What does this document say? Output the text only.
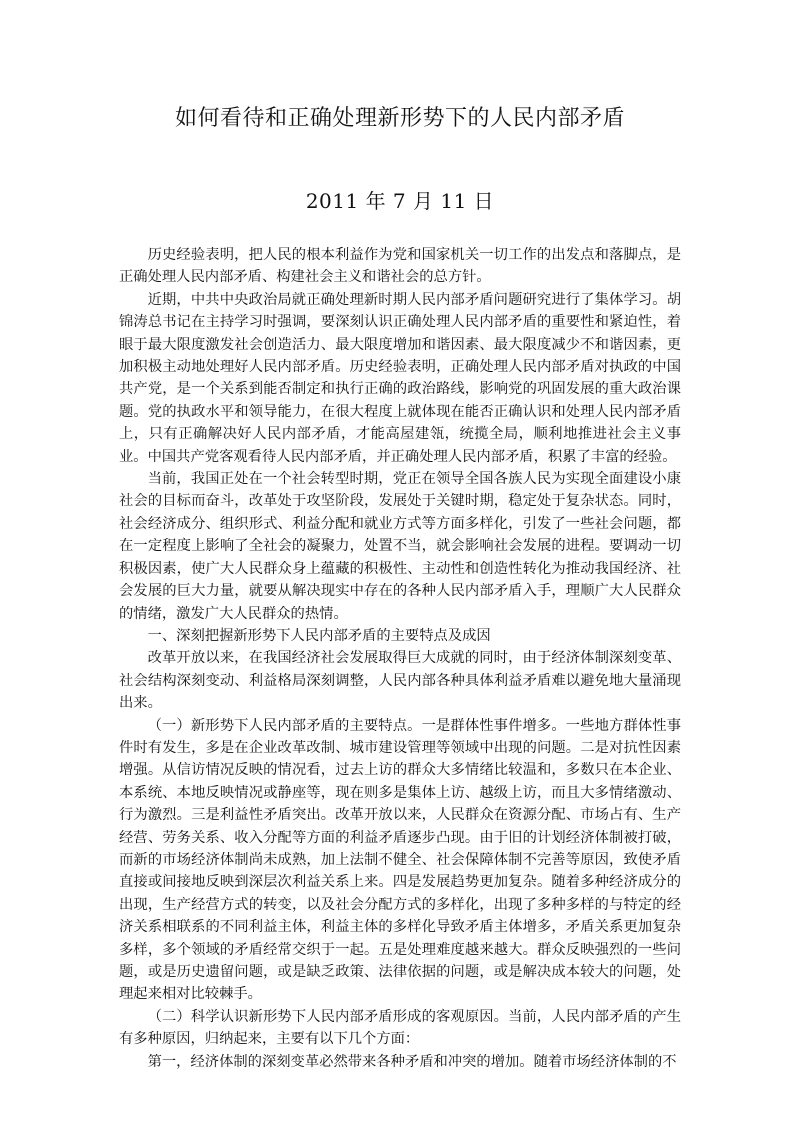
如何看待和正确处理新形势下的人民内部矛盾
2011 年 7 月 11 日

历史经验表明，把人民的根本利益作为党和国家机关一切工作的出发点和落脚点，是正确处理人民内部矛盾、构建社会主义和谐社会的总方针。

近期，中共中央政治局就正确处理新时期人民内部矛盾问题研究进行了集体学习。胡锦涛总书记在主持学习时强调，要深刻认识正确处理人民内部矛盾的重要性和紧迫性，着眼于最大限度激发社会创造活力、最大限度增加和谐因素、最大限度减少不和谐因素，更加积极主动地处理好人民内部矛盾。历史经验表明，正确处理人民内部矛盾对执政的中国共产党，是一个关系到能否制定和执行正确的政治路线，影响党的巩固发展的重大政治课题。党的执政水平和领导能力，在很大程度上就体现在能否正确认识和处理人民内部矛盾上，只有正确解决好人民内部矛盾，才能高屋建瓴，统揽全局，顺利地推进社会主义事业。中国共产党客观看待人民内部矛盾，并正确处理人民内部矛盾，积累了丰富的经验。

当前，我国正处在一个社会转型时期，党正在领导全国各族人民为实现全面建设小康社会的目标而奋斗，改革处于攻坚阶段，发展处于关键时期，稳定处于复杂状态。同时，社会经济成分、组织形式、利益分配和就业方式等方面多样化，引发了一些社会问题，都在一定程度上影响了全社会的凝聚力，处置不当，就会影响社会发展的进程。要调动一切积极因素，使广大人民群众身上蕴藏的积极性、主动性和创造性转化为推动我国经济、社会发展的巨大力量，就要从解决现实中存在的各种人民内部矛盾入手，理顺广大人民群众的情绪，激发广大人民群众的热情。

一、深刻把握新形势下人民内部矛盾的主要特点及成因

改革开放以来，在我国经济社会发展取得巨大成就的同时，由于经济体制深刻变革、社会结构深刻变动、利益格局深刻调整，人民内部各种具体利益矛盾难以避免地大量涌现出来。

（一）新形势下人民内部矛盾的主要特点。一是群体性事件增多。一些地方群体性事件时有发生，多是在企业改革改制、城市建设管理等领域中出现的问题。二是对抗性因素增强。从信访情况反映的情况看，过去上访的群众大多情绪比较温和，多数只在本企业、本系统、本地反映情况或静座等，现在则多是集体上访、越级上访，而且大多情绪激动、行为激烈。三是利益性矛盾突出。改革开放以来，人民群众在资源分配、市场占有、生产经营、劳务关系、收入分配等方面的利益矛盾逐步凸现。由于旧的计划经济体制被打破，而新的市场经济体制尚未成熟，加上法制不健全、社会保障体制不完善等原因，致使矛盾直接或间接地反映到深层次利益关系上来。四是发展趋势更加复杂。随着多种经济成分的出现，生产经营方式的转变，以及社会分配方式的多样化，出现了多种多样的与特定的经济关系相联系的不同利益主体，利益主体的多样化导致矛盾主体增多，矛盾关系更加复杂多样，多个领域的矛盾经常交织于一起。五是处理难度越来越大。群众反映强烈的一些问题，或是历史遗留问题，或是缺乏政策、法律依据的问题，或是解决成本较大的问题，处理起来相对比较棘手。

（二）科学认识新形势下人民内部矛盾形成的客观原因。当前，人民内部矛盾的产生有多种原因，归纳起来，主要有以下几个方面：

第一，经济体制的深刻变革必然带来各种矛盾和冲突的增加。随着市场经济体制的不
